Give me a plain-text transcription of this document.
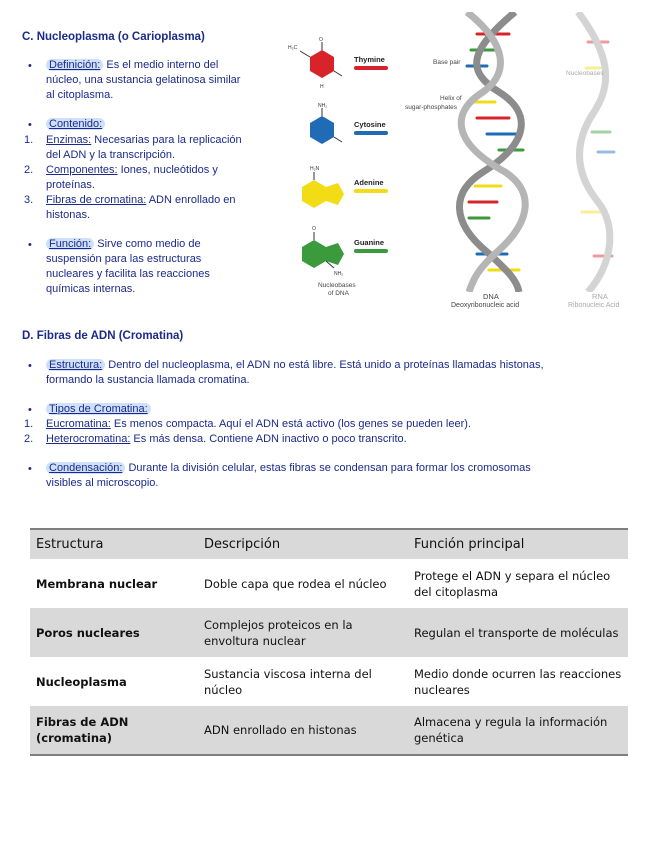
C. Nucleoplasma (o Carioplasma)
• Definición: Es el medio interno del
núcleo, una sustancia gelatinosa similar
al citoplasma.
• Contenido:
1. Enzimas: Necesarias para la replicación
del ADN y la transcripción.
2. Componentes: Iones, nucleótidos y
proteínas.
3. Fibras de cromatina: ADN enrollado en
histonas.
• Función: Sirve como medio de
suspensión para las estructuras
nucleares y facilita las reacciones
químicas internas.
O
H₃C
H
Thymine
NH₂
Cytosine
H₂N
Adenine
O
NH₂
Guanine
Nucleobases
of DNA
Base pair
Helix of
sugar-phosphates
DNA
Deoxyribonucleic acid
Nucleobases
RNA
Ribonucleic Acid
D. Fibras de ADN (Cromatina)
• Estructura: Dentro del nucleoplasma, el ADN no está libre. Está unido a proteínas llamadas histonas,
formando la sustancia llamada cromatina.
• Tipos de Cromatina:
1. Eucromatina: Es menos compacta. Aquí el ADN está activo (los genes se pueden leer).
2. Heterocromatina: Es más densa. Contiene ADN inactivo o poco transcrito.
• Condensación: Durante la división celular, estas fibras se condensan para formar los cromosomas
visibles al microscopio.
Estructura	Descripción	Función principal
Membrana nuclear	Doble capa que rodea el núcleo	Protege el ADN y separa el núcleo del citoplasma
Poros nucleares	Complejos proteicos en la envoltura nuclear	Regulan el transporte de moléculas
Nucleoplasma	Sustancia viscosa interna del núcleo	Medio donde ocurren las reacciones nucleares
Fibras de ADN (cromatina)	ADN enrollado en histonas	Almacena y regula la información genética
